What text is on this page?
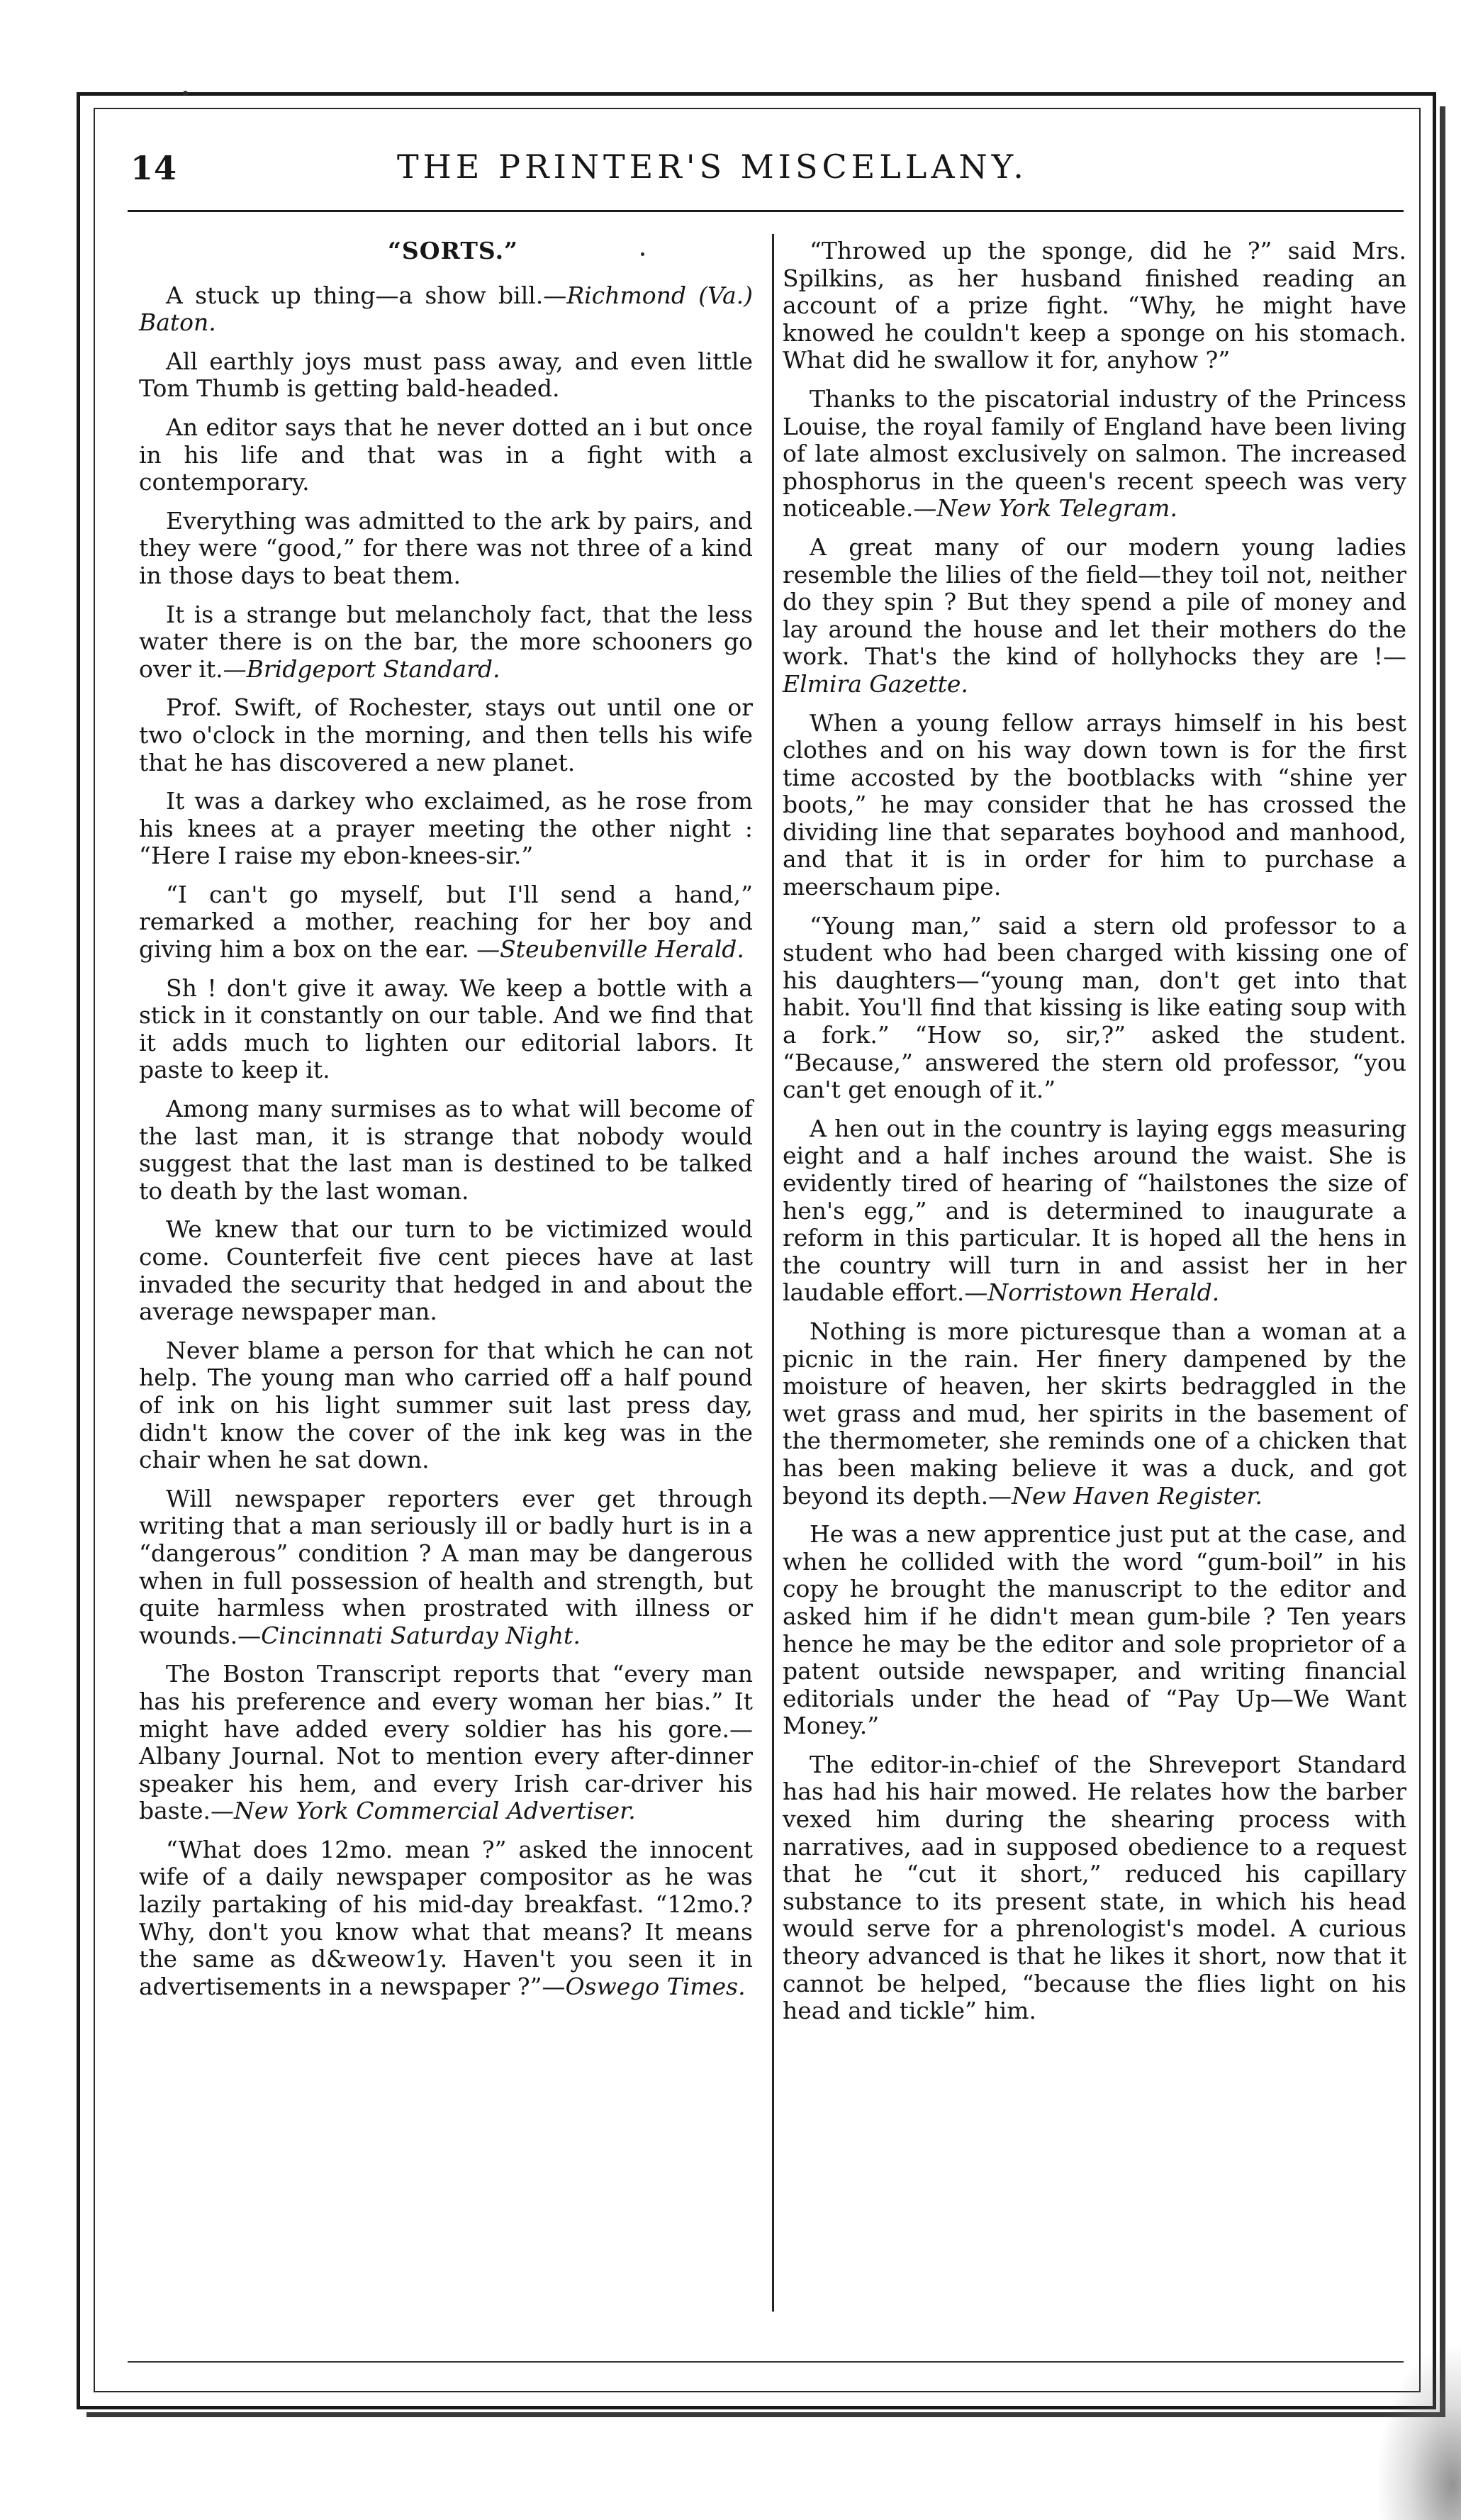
14	THE PRINTER'S MISCELLANY.
“SORTS.”

A stuck up thing—a show bill.—Richmond (Va.) Baton.

All earthly joys must pass away, and even little Tom Thumb is getting bald-headed.

An editor says that he never dotted an i but once in his life and that was in a fight with a contemporary.

Everything was admitted to the ark by pairs, and they were “good,” for there was not three of a kind in those days to beat them.

It is a strange but melancholy fact, that the less water there is on the bar, the more schooners go over it.—Bridgeport Standard.

Prof. Swift, of Rochester, stays out until one or two o'clock in the morning, and then tells his wife that he has discovered a new planet.

It was a darkey who exclaimed, as he rose from his knees at a prayer meeting the other night : “Here I raise my ebon-knees-sir.”

“I can't go myself, but I'll send a hand,” remarked a mother, reaching for her boy and giving him a box on the ear. —Steubenville Herald.

Sh ! don't give it away. We keep a bottle with a stick in it constantly on our table. And we find that it adds much to lighten our editorial labors. It paste to keep it.

Among many surmises as to what will become of the last man, it is strange that nobody would suggest that the last man is destined to be talked to death by the last woman.

We knew that our turn to be victimized would come. Counterfeit five cent pieces have at last invaded the security that hedged in and about the average newspaper man.

Never blame a person for that which he can not help. The young man who carried off a half pound of ink on his light summer suit last press day, didn't know the cover of the ink keg was in the chair when he sat down.

Will newspaper reporters ever get through writing that a man seriously ill or badly hurt is in a “dangerous” condition ? A man may be dangerous when in full possession of health and strength, but quite harmless when prostrated with illness or wounds.—Cincinnati Saturday Night.

The Boston Transcript reports that “every man has his preference and every woman her bias.” It might have added every soldier has his gore.—Albany Journal. Not to mention every after-dinner speaker his hem, and every Irish car-driver his baste.—New York Commercial Advertiser.

“What does 12mo. mean ?” asked the innocent wife of a daily newspaper compositor as he was lazily partaking of his mid-day breakfast. “12mo.? Why, don't you know what that means? It means the same as d&weow1y. Haven't you seen it in advertisements in a newspaper ?”—Oswego Times.

“Throwed up the sponge, did he ?” said Mrs. Spilkins, as her husband finished reading an account of a prize fight. “Why, he might have knowed he couldn't keep a sponge on his stomach. What did he swallow it for, anyhow ?”

Thanks to the piscatorial industry of the Princess Louise, the royal family of England have been living of late almost exclusively on salmon. The increased phosphorus in the queen's recent speech was very noticeable.—New York Telegram.

A great many of our modern young ladies resemble the lilies of the field—they toil not, neither do they spin ? But they spend a pile of money and lay around the house and let their mothers do the work. That's the kind of hollyhocks they are !—Elmira Gazette.

When a young fellow arrays himself in his best clothes and on his way down town is for the first time accosted by the bootblacks with “shine yer boots,” he may consider that he has crossed the dividing line that separates boyhood and manhood, and that it is in order for him to purchase a meerschaum pipe.

“Young man,” said a stern old professor to a student who had been charged with kissing one of his daughters—“young man, don't get into that habit. You'll find that kissing is like eating soup with a fork.” “How so, sir,?” asked the student. “Because,” answered the stern old professor, “you can't get enough of it.”

A hen out in the country is laying eggs measuring eight and a half inches around the waist. She is evidently tired of hearing of “hailstones the size of hen's egg,” and is determined to inaugurate a reform in this particular. It is hoped all the hens in the country will turn in and assist her in her laudable effort.—Norristown Herald.

Nothing is more picturesque than a woman at a picnic in the rain. Her finery dampened by the moisture of heaven, her skirts bedraggled in the wet grass and mud, her spirits in the basement of the thermometer, she reminds one of a chicken that has been making believe it was a duck, and got beyond its depth.—New Haven Register.

He was a new apprentice just put at the case, and when he collided with the word “gum-boil” in his copy he brought the manuscript to the editor and asked him if he didn't mean gum-bile ? Ten years hence he may be the editor and sole proprietor of a patent outside newspaper, and writing financial editorials under the head of “Pay Up—We Want Money.”

The editor-in-chief of the Shreveport Standard has had his hair mowed. He relates how the barber vexed him during the shearing process with narratives, aad in supposed obedience to a request that he “cut it short,” reduced his capillary substance to its present state, in which his head would serve for a phrenologist's model. A curious theory advanced is that he likes it short, now that it cannot be helped, “because the flies light on his head and tickle” him.
